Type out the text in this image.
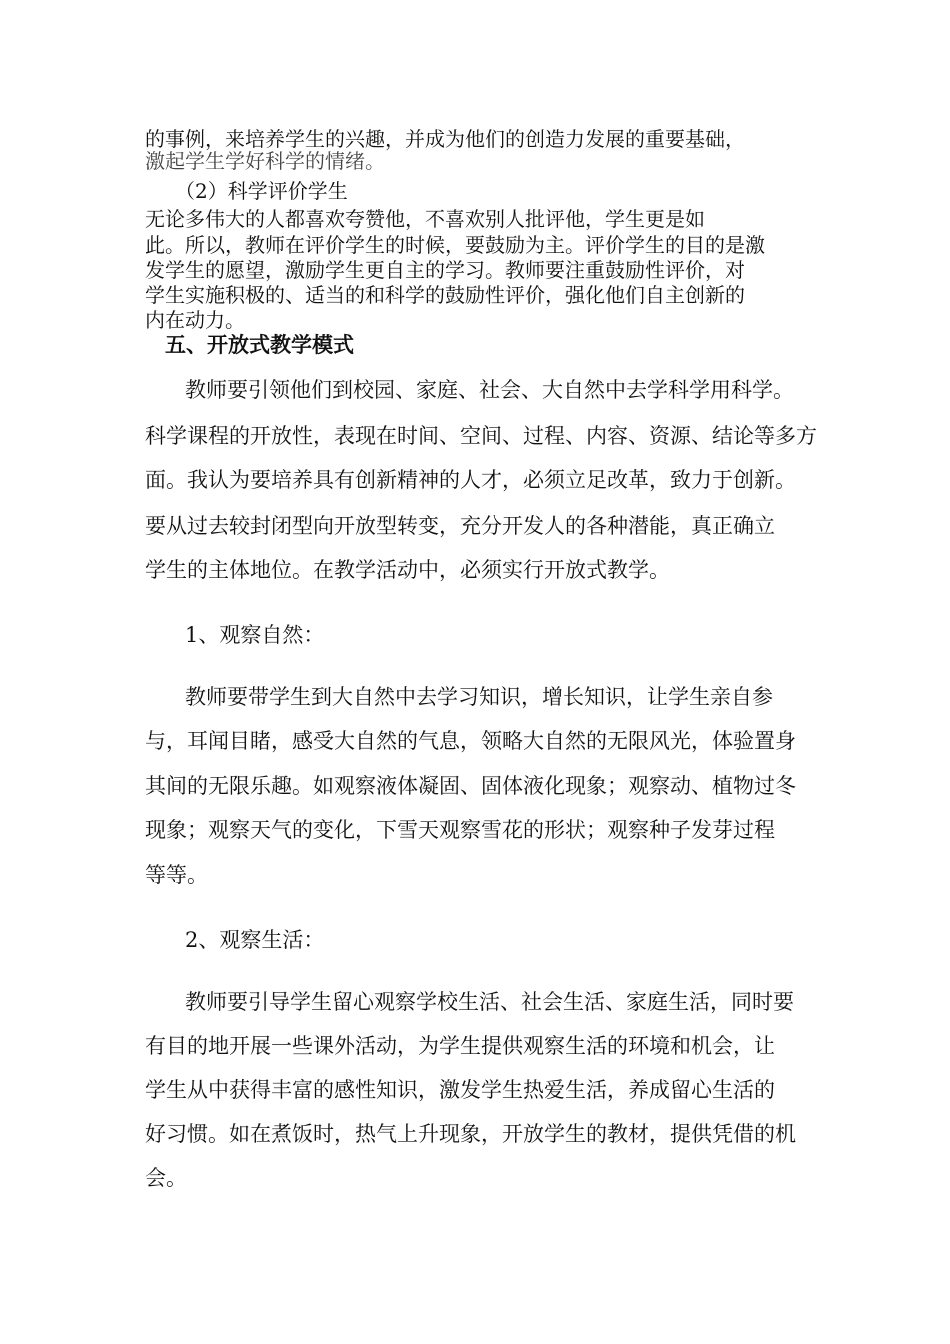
的事例，来培养学生的兴趣，并成为他们的创造力发展的重要基础，

激起学生学好科学的情绪。

（2）科学评价学生

无论多伟大的人都喜欢夸赞他，不喜欢别人批评他，学生更是如

此。所以，教师在评价学生的时候，要鼓励为主。评价学生的目的是激

发学生的愿望，激励学生更自主的学习。教师要注重鼓励性评价，对

学生实施积极的、适当的和科学的鼓励性评价，强化他们自主创新的

内在动力。

五、开放式教学模式

教师要引领他们到校园、家庭、社会、大自然中去学科学用科学。

科学课程的开放性，表现在时间、空间、过程、内容、资源、结论等多方

面。我认为要培养具有创新精神的人才，必须立足改革，致力于创新。

要从过去较封闭型向开放型转变，充分开发人的各种潜能，真正确立

学生的主体地位。在教学活动中，必须实行开放式教学。

1、观察自然：

教师要带学生到大自然中去学习知识，增长知识，让学生亲自参

与，耳闻目睹，感受大自然的气息，领略大自然的无限风光，体验置身

其间的无限乐趣。如观察液体凝固、固体液化现象；观察动、植物过冬

现象；观察天气的变化，下雪天观察雪花的形状；观察种子发芽过程

等等。

2、观察生活：

教师要引导学生留心观察学校生活、社会生活、家庭生活，同时要

有目的地开展一些课外活动，为学生提供观察生活的环境和机会，让

学生从中获得丰富的感性知识，激发学生热爱生活，养成留心生活的

好习惯。如在煮饭时，热气上升现象，开放学生的教材，提供凭借的机

会。
